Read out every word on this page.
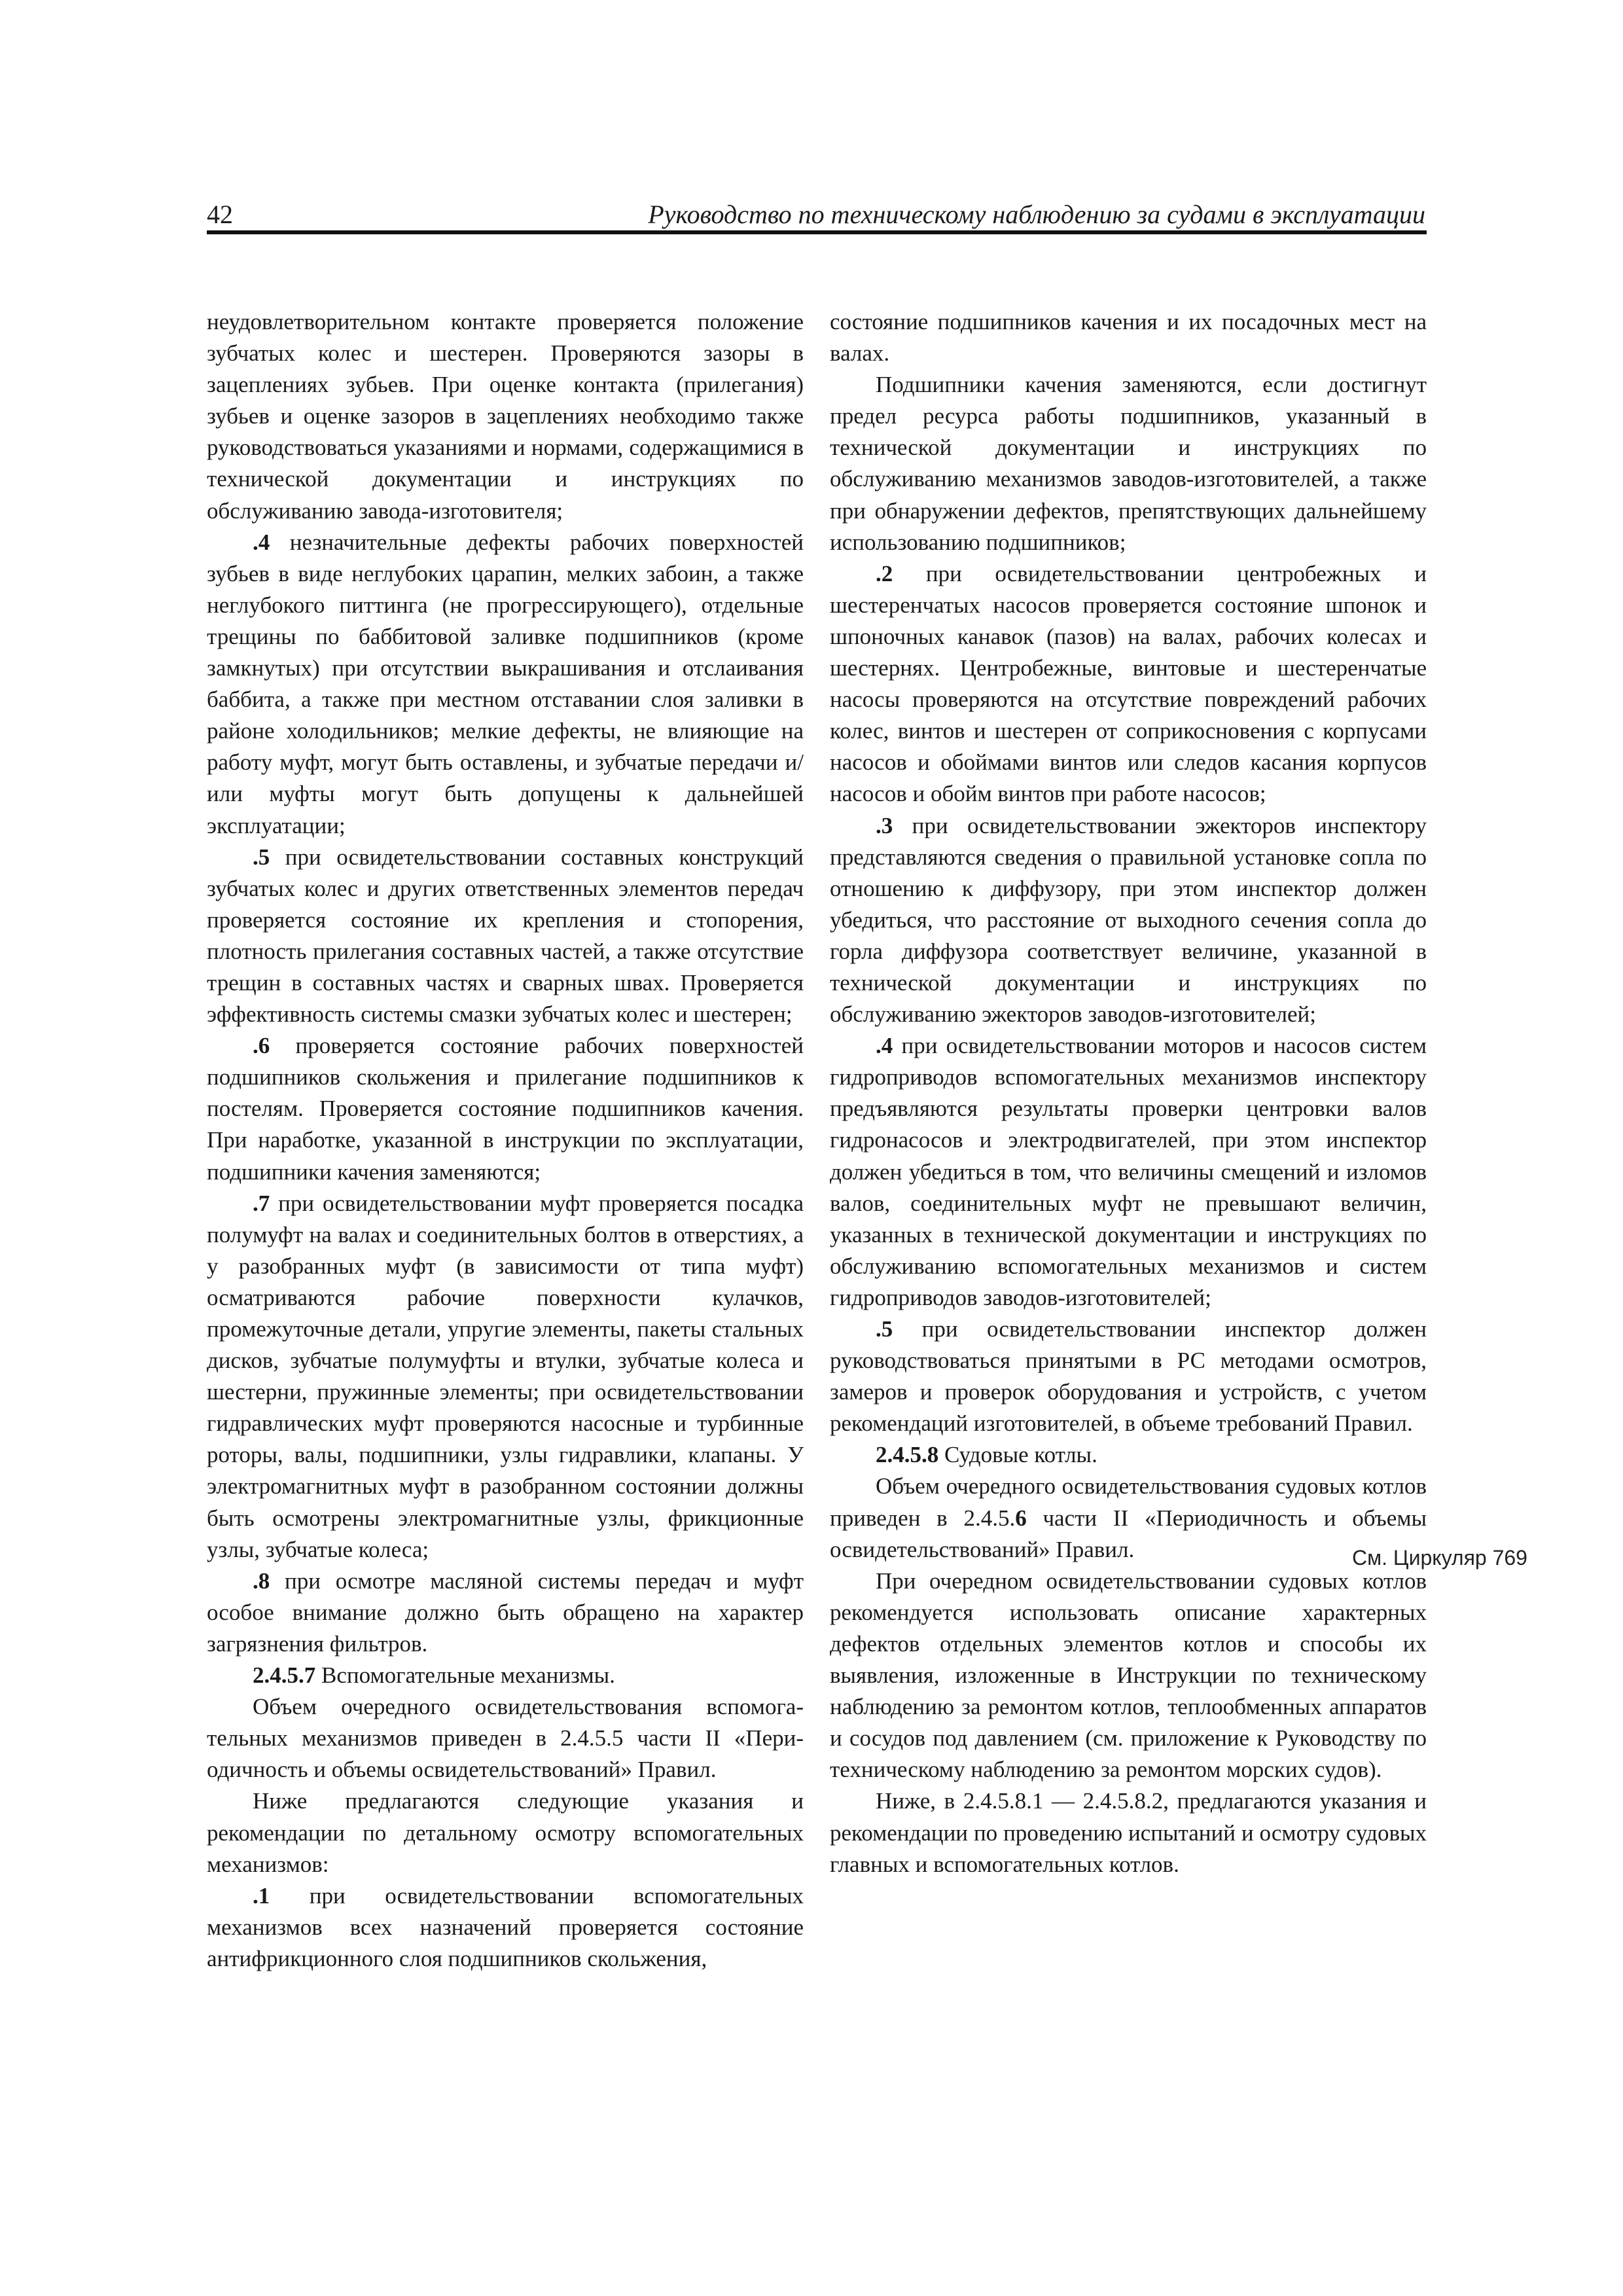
42	Руководство по техническому наблюдению за судами в эксплуатации

неудовлетворительном контакте проверяется положение зубчатых колес и шестерен. Проверяются зазоры в зацеплениях зубьев. При оценке контакта (прилегания) зубьев и оценке зазоров в зацеплениях необходимо также руководствоваться указаниями и нормами, содержащимися в технической документации и инструкциях по обслуживанию завода-изготовителя;

.4 незначительные дефекты рабочих поверхностей зубьев в виде неглубоких царапин, мелких забоин, а также неглубокого питтинга (не прогрессирующего), отдельные трещины по баббитовой заливке подшипников (кроме замкнутых) при отсутствии выкрашивания и отслаивания баббита, а также при местном отставании слоя заливки в районе холодильников; мелкие дефекты, не влияющие на работу муфт, могут быть оставлены, и зубчатые передачи и/или муфты могут быть допущены к дальнейшей эксплуатации;

.5 при освидетельствовании составных конструкций зубчатых колес и других ответственных элементов передач проверяется состояние их крепления и стопорения, плотность прилегания составных частей, а также отсутствие трещин в составных частях и сварных швах. Проверяется эффективность системы смазки зубчатых колес и шестерен;

.6 проверяется состояние рабочих поверхностей подшипников скольжения и прилегание подшипников к постелям. Проверяется состояние подшипников качения. При наработке, указанной в инструкции по эксплуатации, подшипники качения заменяются;

.7 при освидетельствовании муфт проверяется посадка полумуфт на валах и соединительных болтов в отверстиях, а у разобранных муфт (в зависимости от типа муфт) осматриваются рабочие поверхности кулачков, промежуточные детали, упругие элементы, пакеты стальных дисков, зубчатые полумуфты и втулки, зубчатые колеса и шестерни, пружинные элементы; при освидетельствовании гидравлических муфт проверяются насосные и турбинные роторы, валы, подшипники, узлы гидравлики, клапаны. У электромагнитных муфт в разобранном состоянии должны быть осмотрены электромагнитные узлы, фрикционные узлы, зубчатые колеса;

.8 при осмотре масляной системы передач и муфт особое внимание должно быть обращено на характер загрязнения фильтров.

2.4.5.7 Вспомогательные механизмы.

Объем очередного освидетельствования вспомогательных механизмов приведен в 2.4.5.5 части II «Периодичность и объемы освидетельствований» Правил.

Ниже предлагаются следующие указания и рекомендации по детальному осмотру вспомогательных механизмов:

.1 при освидетельствовании вспомогательных механизмов всех назначений проверяется состояние антифрикционного слоя подшипников скольжения,

состояние подшипников качения и их посадочных мест на валах.

Подшипники качения заменяются, если достигнут предел ресурса работы подшипников, указанный в технической документации и инструкциях по обслуживанию механизмов заводов-изготовителей, а также при обнаружении дефектов, препятствующих дальнейшему использованию подшипников;

.2 при освидетельствовании центробежных и шестеренчатых насосов проверяется состояние шпонок и шпоночных канавок (пазов) на валах, рабочих колесах и шестернях. Центробежные, винтовые и шестеренчатые насосы проверяются на отсутствие повреждений рабочих колес, винтов и шестерен от соприкосновения с корпусами насосов и обоймами винтов или следов касания корпусов насосов и обойм винтов при работе насосов;

.3 при освидетельствовании эжекторов инспектору представляются сведения о правильной установке сопла по отношению к диффузору, при этом инспектор должен убедиться, что расстояние от выходного сечения сопла до горла диффузора соответствует величине, указанной в технической документации и инструкциях по обслуживанию эжекторов заводов-изготовителей;

.4 при освидетельствовании моторов и насосов систем гидроприводов вспомогательных механизмов инспектору предъявляются результаты проверки центровки валов гидронасосов и электродвигателей, при этом инспектор должен убедиться в том, что величины смещений и изломов валов, соединительных муфт не превышают величин, указанных в технической документации и инструкциях по обслуживанию вспомогательных механизмов и систем гидроприводов заводов-изготовителей;

.5 при освидетельствовании инспектор должен руководствоваться принятыми в РС методами осмотров, замеров и проверок оборудования и устройств, с учетом рекомендаций изготовителей, в объеме требований Правил.

2.4.5.8 Судовые котлы.

Объем очередного освидетельствования судовых котлов приведен в 2.4.5.6 части II «Периодичность и объемы освидетельствований» Правил.

При очередном освидетельствовании судовых котлов рекомендуется использовать описание характерных дефектов отдельных элементов котлов и способы их выявления, изложенные в Инструкции по техническому наблюдению за ремонтом котлов, теплообменных аппаратов и сосудов под давлением (см. приложение к Руководству по техническому наблюдению за ремонтом морских судов).

Ниже, в 2.4.5.8.1 — 2.4.5.8.2, предлагаются указания и рекомендации по проведению испытаний и осмотру судовых главных и вспомогательных котлов.

См. Циркуляр 769
